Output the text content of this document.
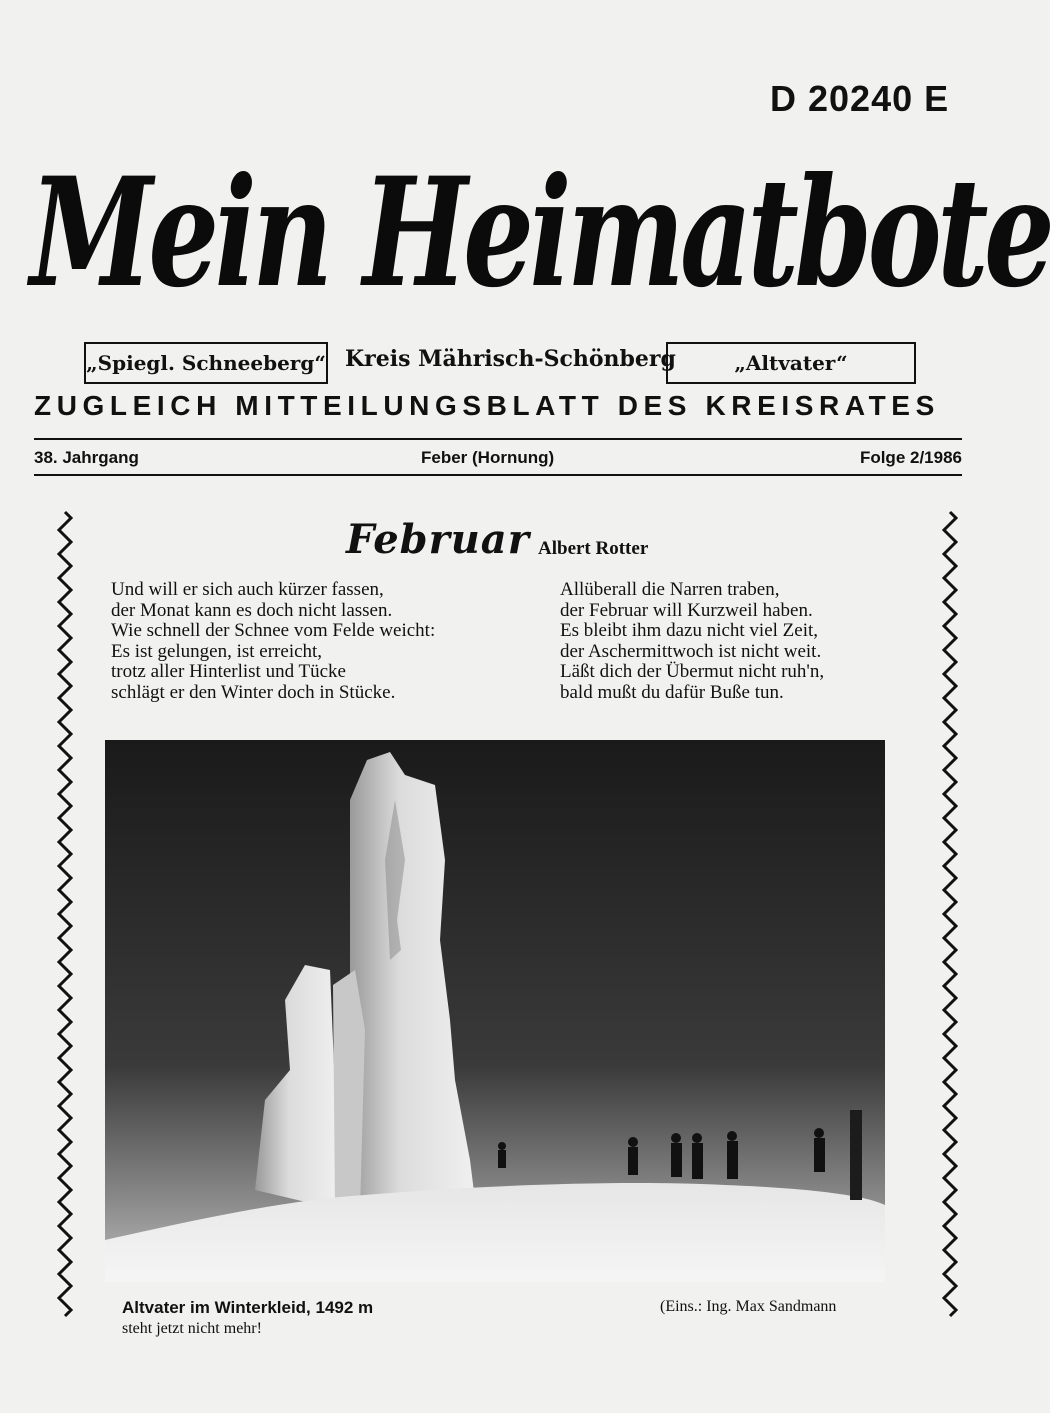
D 20240 E
Mein Heimatbote
„Spiegl. Schneeberg“ Kreis Mährisch-Schönberg	„Altvater“
ZUGLEICH MITTEILUNGSBLATT DES KREISRATES
38. Jahrgang	Feber (Hornung)	Folge 2/1986
Februar Albert Rotter
Und will er sich auch kürzer fassen,
der Monat kann es doch nicht lassen.
Wie schnell der Schnee vom Felde weicht:
Es ist gelungen, ist erreicht,
trotz aller Hinterlist und Tücke
schlägt er den Winter doch in Stücke.
Allüberall die Narren traben,
der Februar will Kurzweil haben.
Es bleibt ihm dazu nicht viel Zeit,
der Aschermittwoch ist nicht weit.
Läßt dich der Übermut nicht ruh'n,
bald mußt du dafür Buße tun.
Altvater im Winterkleid, 1492 m
steht jetzt nicht mehr!
(Eins.: Ing. Max Sandmann
